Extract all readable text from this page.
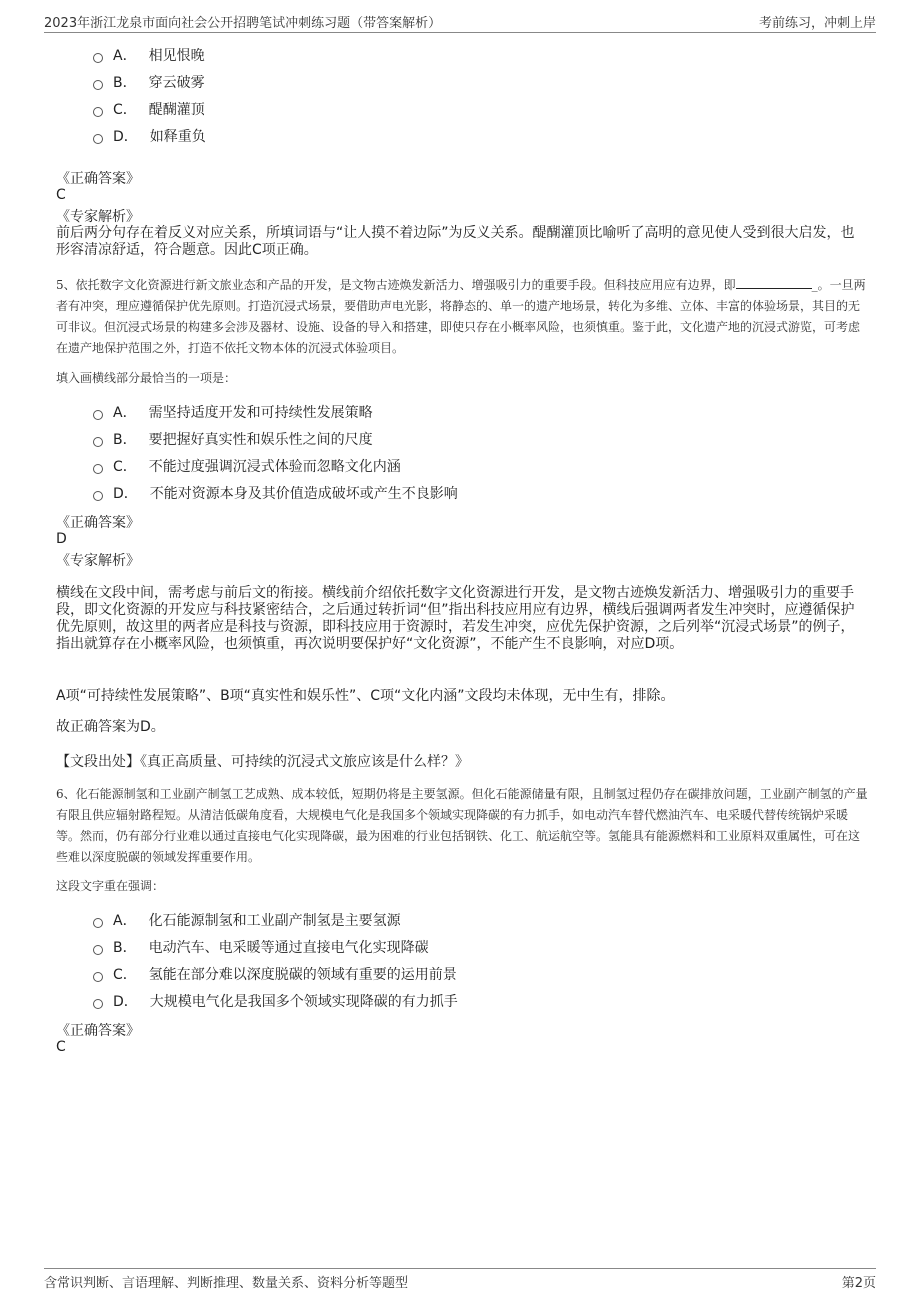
2023年浙江龙泉市面向社会公开招聘笔试冲刺练习题（带答案解析）	考前练习，冲刺上岸
A． 相见恨晚
B． 穿云破雾
C． 醍醐灌顶
D． 如释重负
《正确答案》
C
《专家解析》
前后两分句存在着反义对应关系，所填词语与“让人摸不着边际”为反义关系。醍醐灌顶比喻听了高明的意见使人受到很大启发，也形容清凉舒适，符合题意。因此C项正确。
5、依托数字文化资源进行新文旅业态和产品的开发，是文物古迹焕发新活力、增强吸引力的重要手段。但科技应用应有边界，即	_。一旦两者有冲突，理应遵循保护优先原则。打造沉浸式场景，要借助声电光影，将静态的、单一的遗产地场景，转化为多维、立体、丰富的体验场景，其目的无可非议。但沉浸式场景的构建多会涉及器材、设施、设备的导入和搭建，即使只存在小概率风险，也须慎重。鉴于此，文化遗产地的沉浸式游览，可考虑在遗产地保护范围之外，打造不依托文物本体的沉浸式体验项目。
填入画横线部分最恰当的一项是：
A． 需坚持适度开发和可持续性发展策略
B． 要把握好真实性和娱乐性之间的尺度
C． 不能过度强调沉浸式体验而忽略文化内涵
D． 不能对资源本身及其价值造成破坏或产生不良影响
《正确答案》
D
《专家解析》
横线在文段中间，需考虑与前后文的衔接。横线前介绍依托数字文化资源进行开发，是文物古迹焕发新活力、增强吸引力的重要手段，即文化资源的开发应与科技紧密结合，之后通过转折词“但”指出科技应用应有边界，横线后强调两者发生冲突时，应遵循保护优先原则，故这里的两者应是科技与资源，即科技应用于资源时，若发生冲突，应优先保护资源，之后列举“沉浸式场景”的例子，指出就算存在小概率风险，也须慎重，再次说明要保护好“文化资源”，不能产生不良影响，对应D项。
A项“可持续性发展策略”、B项“真实性和娱乐性”、C项“文化内涵”文段均未体现，无中生有，排除。
故正确答案为D。
【文段出处】《真正高质量、可持续的沉浸式文旅应该是什么样？》
6、化石能源制氢和工业副产制氢工艺成熟、成本较低，短期仍将是主要氢源。但化石能源储量有限，且制氢过程仍存在碳排放问题，工业副产制氢的产量有限且供应辐射路程短。从清洁低碳角度看，大规模电气化是我国多个领域实现降碳的有力抓手，如电动汽车替代燃油汽车、电采暖代替传统锅炉采暖等。然而，仍有部分行业难以通过直接电气化实现降碳，最为困难的行业包括钢铁、化工、航运航空等。氢能具有能源燃料和工业原料双重属性，可在这些难以深度脱碳的领域发挥重要作用。
这段文字重在强调：
A． 化石能源制氢和工业副产制氢是主要氢源
B． 电动汽车、电采暖等通过直接电气化实现降碳
C． 氢能在部分难以深度脱碳的领域有重要的运用前景
D． 大规模电气化是我国多个领域实现降碳的有力抓手
《正确答案》
C
含常识判断、言语理解、判断推理、数量关系、资料分析等题型	第2页
